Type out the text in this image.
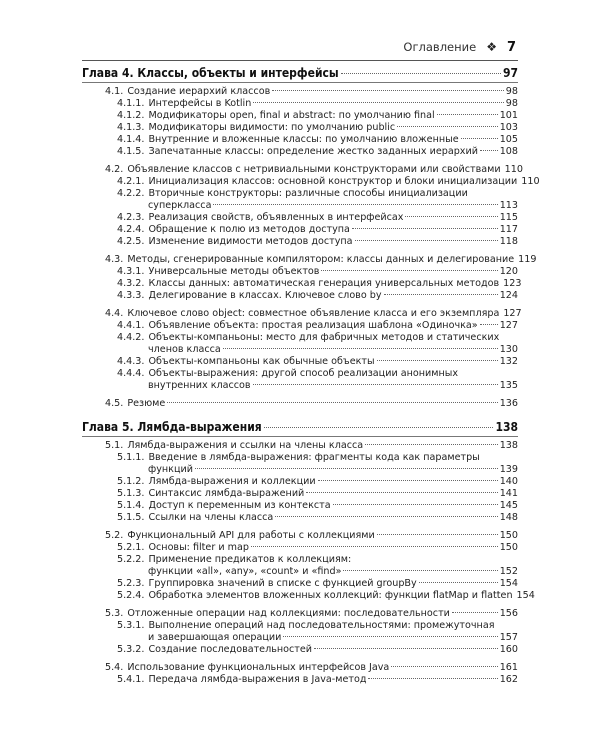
Оглавление ❖ 7
Глава 4. Классы, объекты и интерфейсы	97
4.1. Создание иерархий классов	98
4.1.1. Интерфейсы в Kotlin	98
4.1.2. Модификаторы open, final и abstract: по умолчанию final	101
4.1.3. Модификаторы видимости: по умолчанию public	103
4.1.4. Внутренние и вложенные классы: по умолчанию вложенные	105
4.1.5. Запечатанные классы: определение жестко заданных иерархий 108
4.2. Объявление классов с нетривиальными конструкторами или свойствами 110
4.2.1. Инициализация классов: основной конструктор и блоки инициализации 110
4.2.2. Вторичные конструкторы: различные способы инициализации
суперкласса	113
4.2.3. Реализация свойств, объявленных в интерфейсах	115
4.2.4. Обращение к полю из методов доступа	117
4.2.5. Изменение видимости методов доступа	118
4.3. Методы, сгенерированные компилятором: классы данных и делегирование 119
4.3.1. Универсальные методы объектов	120
4.3.2. Классы данных: автоматическая генерация универсальных методов 123
4.3.3. Делегирование в классах. Ключевое слово by	124
4.4. Ключевое слово object: совместное объявление класса и его экземпляра 127
4.4.1. Объявление объекта: простая реализация шаблона «Одиночка» 127
4.4.2. Объекты-компаньоны: место для фабричных методов и статических
членов класса	130
4.4.3. Объекты-компаньоны как обычные объекты	132
4.4.4. Объекты-выражения: другой способ реализации анонимных
внутренних классов	135
4.5. Резюме	136
Глава 5. Лямбда-выражения	138
5.1. Лямбда-выражения и ссылки на члены класса	138
5.1.1. Введение в лямбда-выражения: фрагменты кода как параметры
функций	139
5.1.2. Лямбда-выражения и коллекции	140
5.1.3. Синтаксис лямбда-выражений	141
5.1.4. Доступ к переменным из контекста	145
5.1.5. Ссылки на члены класса	148
5.2. Функциональный API для работы с коллекциями	150
5.2.1. Основы: filter и map	150
5.2.2. Применение предикатов к коллекциям:
функции «all», «any», «count» и «find»	152
5.2.3. Группировка значений в списке с функцией groupBy	154
5.2.4. Обработка элементов вложенных коллекций: функции flatMap и flatten 154
5.3. Отложенные операции над коллекциями: последовательности	156
5.3.1. Выполнение операций над последовательностями: промежуточная
и завершающая операции	157
5.3.2. Создание последовательностей	160
5.4. Использование функциональных интерфейсов Java	161
5.4.1. Передача лямбда-выражения в Java-метод	162
